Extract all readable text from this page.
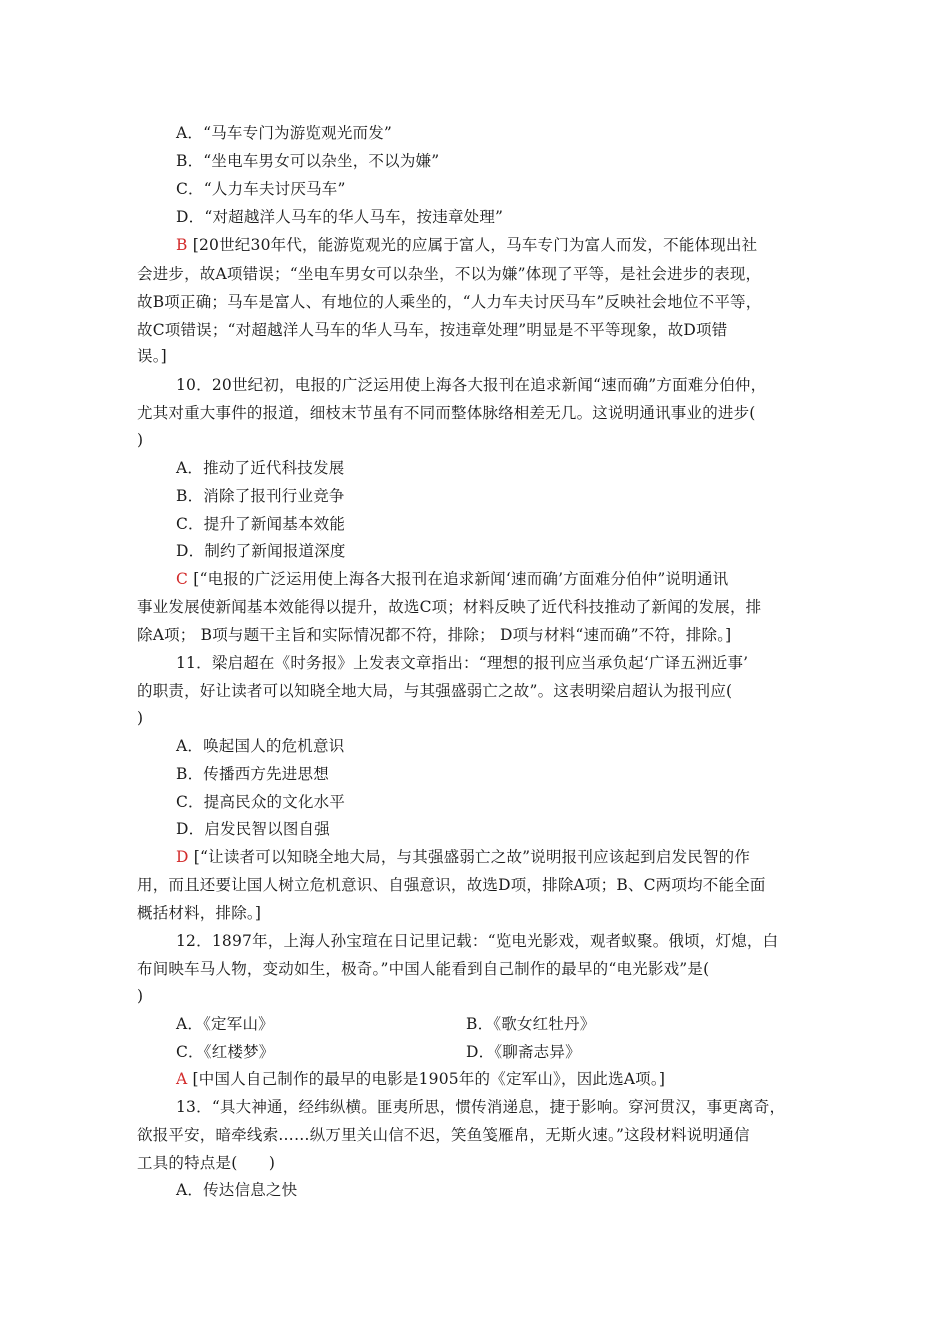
A．“马车专门为游览观光而发”
B．“坐电车男女可以杂坐，不以为嫌”
C．“人力车夫讨厌马车”
D．“对超越洋人马车的华人马车，按违章处理”
B [20世纪30年代，能游览观光的应属于富人，马车专门为富人而发，不能体现出社
会进步，故A项错误；“坐电车男女可以杂坐，不以为嫌”体现了平等，是社会进步的表现，
故B项正确；马车是富人、有地位的人乘坐的，“人力车夫讨厌马车”反映社会地位不平等，
故C项错误；“对超越洋人马车的华人马车，按违章处理”明显是不平等现象，故D项错
误。]
10．20世纪初，电报的广泛运用使上海各大报刊在追求新闻“速而确”方面难分伯仲，
尤其对重大事件的报道，细枝末节虽有不同而整体脉络相差无几。这说明通讯事业的进步(
)
A．推动了近代科技发展
B．消除了报刊行业竞争
C．提升了新闻基本效能
D．制约了新闻报道深度
C [“电报的广泛运用使上海各大报刊在追求新闻‘速而确’方面难分伯仲”说明通讯
事业发展使新闻基本效能得以提升，故选C项；材料反映了近代科技推动了新闻的发展，排
除A项； B项与题干主旨和实际情况都不符，排除； D项与材料“速而确”不符，排除。]
11．梁启超在《时务报》上发表文章指出：“理想的报刊应当承负起‘广译五洲近事’
的职责，好让读者可以知晓全地大局，与其强盛弱亡之故”。这表明梁启超认为报刊应(
)
A．唤起国人的危机意识
B．传播西方先进思想
C．提高民众的文化水平
D．启发民智以图自强
D [“让读者可以知晓全地大局，与其强盛弱亡之故”说明报刊应该起到启发民智的作
用，而且还要让国人树立危机意识、自强意识，故选D项，排除A项；B、C两项均不能全面
概括材料，排除。]
12．1897年，上海人孙宝瑄在日记里记载：“览电光影戏，观者蚁聚。俄顷，灯熄，白
布间映车马人物，变动如生，极奇。”中国人能看到自己制作的最早的“电光影戏”是(
)
A．《定军山》	B．《歌女红牡丹》
C．《红楼梦》	D．《聊斋志异》
A [中国人自己制作的最早的电影是1905年的《定军山》，因此选A项。]
13．“具大神通，经纬纵横。匪夷所思，惯传消递息，捷于影响。穿河贯汉，事更离奇，
欲报平安，暗牵线索……纵万里关山信不迟，笑鱼笺雁帛，无斯火速。”这段材料说明通信
工具的特点是(　　)
A．传达信息之快
